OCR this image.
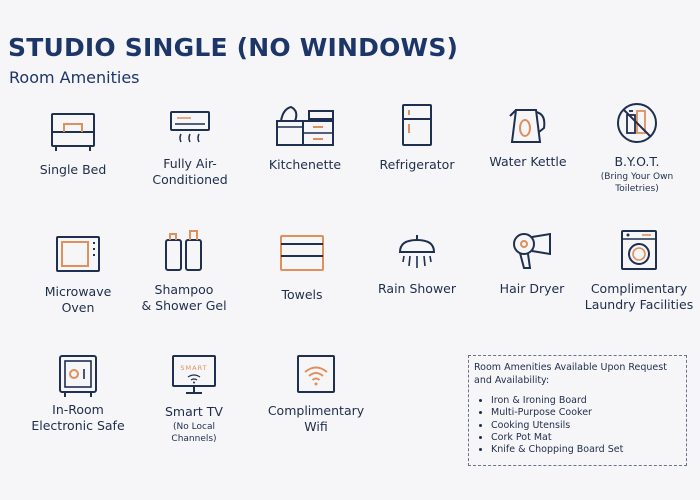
STUDIO SINGLE (NO WINDOWS)
Room Amenities
Single Bed	Fully Air-
Conditioned
Kitchenette	Refrigerator	Water Kettle	B.Y.O.T.
(Bring Your Own
Toiletries)
Microwave
Oven
Shampoo
& Shower Gel
Towels	Rain Shower	Hair Dryer	Complimentary
Laundry Facilities
In-Room
Electronic Safe
SMART
Smart TV
(No Local
Channels)
Complimentary
Wifi
Room Amenities Available Upon Request and Availability:
• Iron & Ironing Board
• Multi-Purpose Cooker
• Cooking Utensils
• Cork Pot Mat
• Knife & Chopping Board Set
